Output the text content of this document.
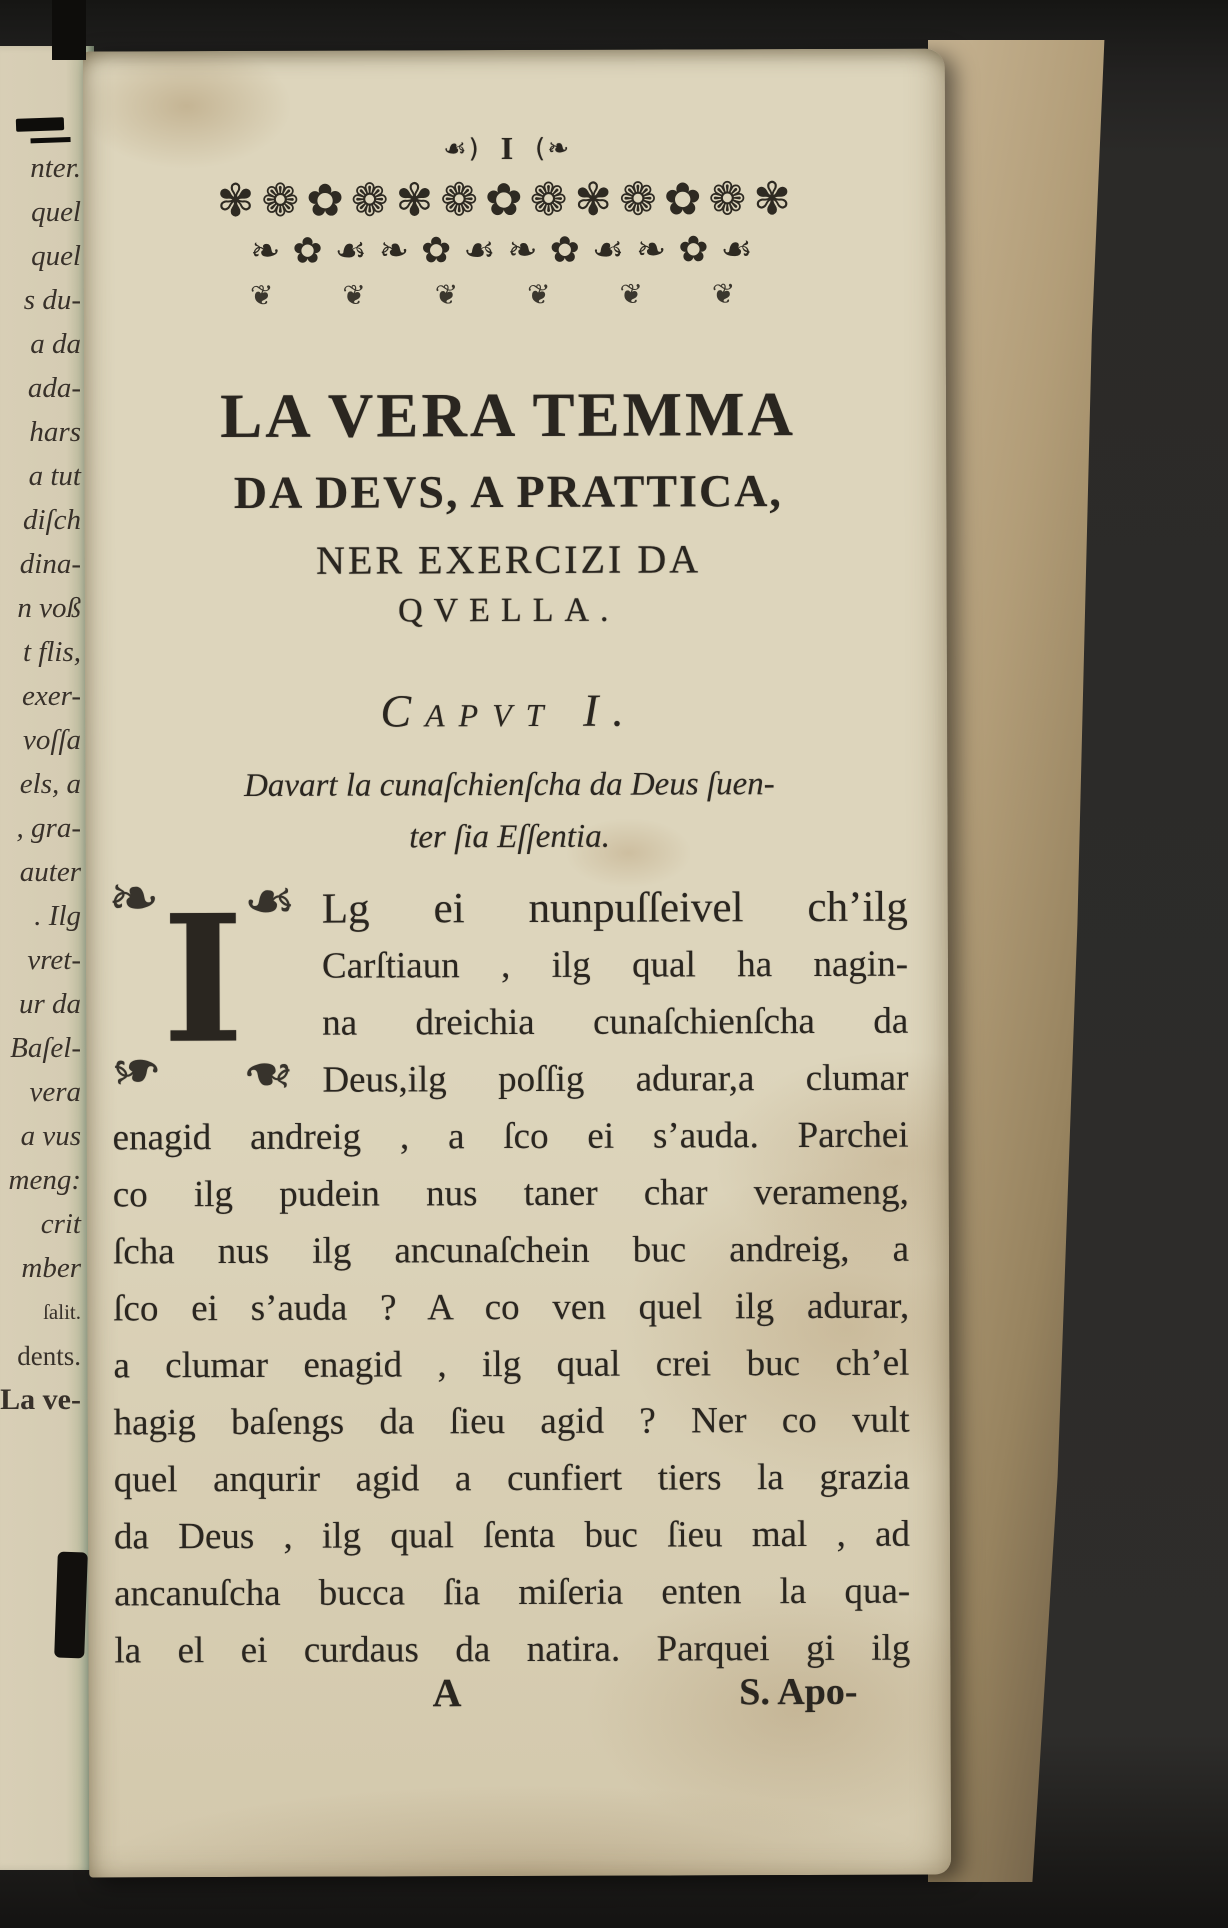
nter.
quel
quel
s du-
a da
ada-
hars
a tut
diſch
dina-
n voß
t flis,
exer-
voſſa
els, a
, gra-
auter
. Ilg
vret-
ur da
Baſel-
vera
a vus
meng:
crit
mber
ſalit.
dents.
La ve-
☙) I (❧
✾❁✿❁✾❁✿❁✾❁✿❁✾
❧✿☙❧✿☙❧✿☙❧✿☙
❦ ❦ ❦ ❦ ❦ ❦
LA VERA TEMMA
DA DEVS, A PRATTICA,
NER EXERCIZI DA
QVELLA.
Capvt I.
Davart la cunaſchienſcha da Deus ſuen-
ter ſia Eſſentia.
❧ ❧
❧ ❧
I Lg ei nunpuſſeivel ch’ilg
Carſtiaun , ilg qual ha nagin-
na dreichia cunaſchienſcha da
Deus,ilg poſſig adurar,a clumar
enagid andreig , a ſco ei s’auda. Parchei
co ilg pudein nus taner char verameng,
ſcha nus ilg ancunaſchein buc andreig, a
ſco ei s’auda ? A co ven quel ilg adurar,
a clumar enagid , ilg qual crei buc ch’el
hagig baſengs da ſieu agid ? Ner co vult
quel anqurir agid a cunfiert tiers la grazia
da Deus , ilg qual ſenta buc ſieu mal , ad
ancanuſcha bucca ſia miſeria enten la qua-
la el ei curdaus da natira. Parquei gi ilg
A	S. Apo-
